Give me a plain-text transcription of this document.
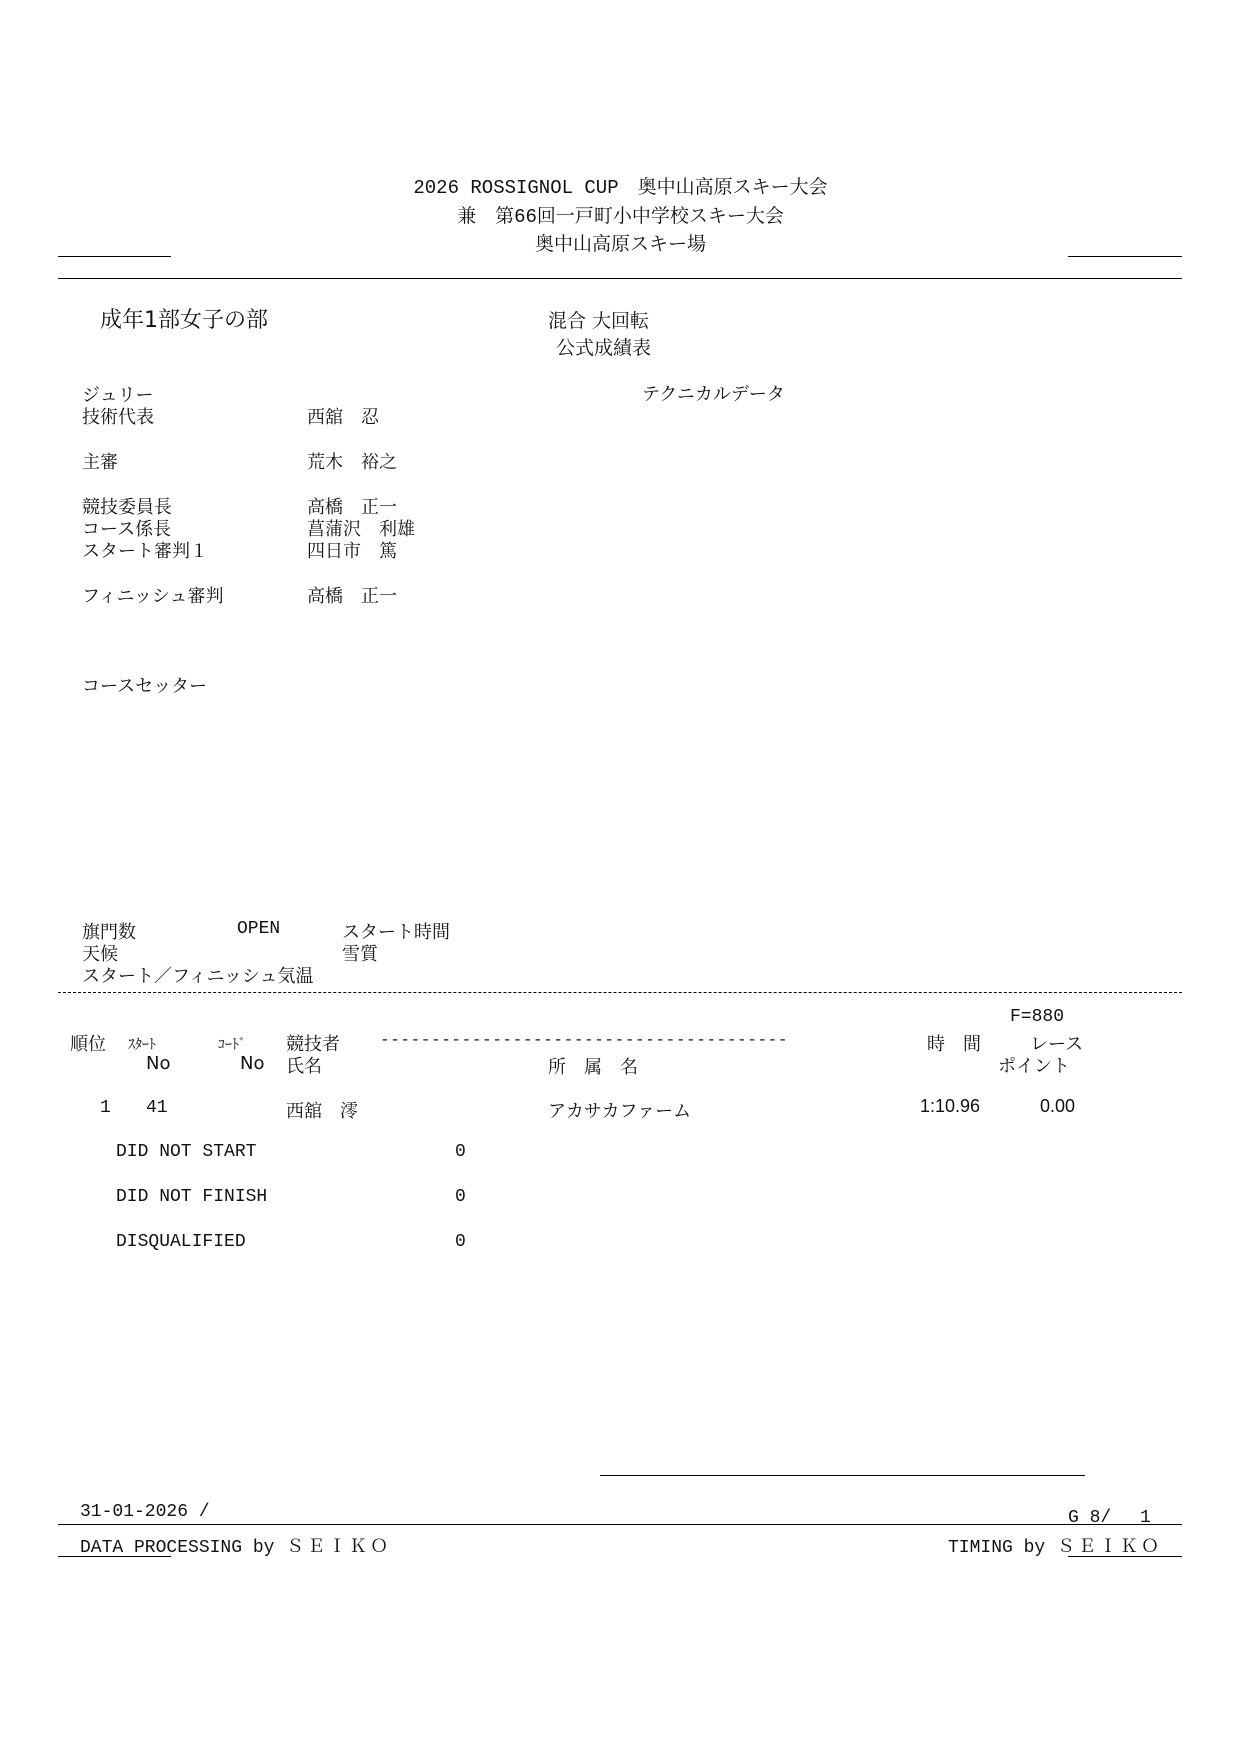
2026 ROSSIGNOL CUP　奥中山高原スキー大会
兼　第66回一戸町小中学校スキー大会
奥中山高原スキー場
成年1部女子の部	混合 大回転
公式成績表
ジュリー	テクニカルデータ
技術代表	西舘　忍
主審	荒木　裕之
競技委員長	高橋　正一
コース係長	菖蒲沢　利雄
スタート審判１	四日市　篤
フィニッシュ審判	高橋　正一
コースセッター
旗門数	OPEN	スタート時間
天候	雪質
スタート／フィニッシュ気温
F=880
順位 ｽﾀｰﾄ
No
ｺｰﾄﾞ
No
競技者	----------------------------------------
氏名	所　属　名
時　間	レース
ポイント
1 41	西舘　澪	アカサカファーム	1:10.96	0.00
DID NOT START	0
DID NOT FINISH	0
DISQUALIFIED	0
31-01-2026 /	G 8/　 1
DATA PROCESSING by ＳＥＩＫＯ	TIMING by ＳＥＩＫＯ
